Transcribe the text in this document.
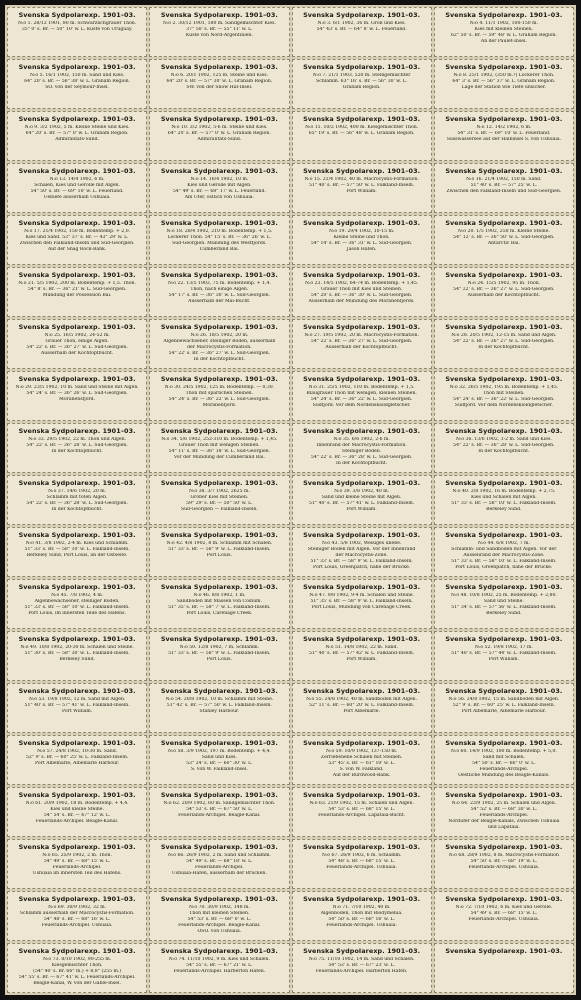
Svenska Sydpolarexp. 1901–03.
N:o 1. 28/12 1901, 80 m. Schwärzlichgrauer Thon.
35° 0' s. Br. — 50° 10' w. L. Küste von Uruguay.
Svenska Sydpolarexp. 1901–03.
N:o 2. 30/12 1901, 180 m. Sandgemischter Kies.
37° 50' s. Br. — 55° 11' w. L.
Küste von Nord-Argentinien.
Svenska Sydpolarexp. 1901–03.
N:o 3. 6/1 1902, 36 m. Gröll und Kies.
54° 43' s. Br. — 64° 8' w. L. Feuerland.
Svenska Sydpolarexp. 1901–03.
N:o 4. 11/1 1902, 100-150 m.
Kies mit kleinen Steinen.
62° 50' s. Br. — 59° 48' w. L. Graham Region.
An der Paulet-Insel.
Svenska Sydpolarexp. 1901–03.
N:o 5. 16/1 1902, 150 m. Sand und Kies.
64° 20' s. Br. — 56° 38' w. L. Graham Region.
SO. von der Seymour-Insel.
Svenska Sydpolarexp. 1901–03.
N:o 6. 20/1 1902, 125 m. Steine und Kies.
64° 20' s. Br. — 57° 30' w. L. Graham Region.
SW. von der Snow Hill-Insel.
Svenska Sydpolarexp. 1901–03.
N:o 7. 21/1 1903, 520 m. Steingemischter
Schlamm. 63° 16' s. Br. — 56° 30' w. L.
Graham Region.
Svenska Sydpolarexp. 1901–03.
N:o 8. 25/1 1902, (350 m.?) Lockerer Thon.
64° 3' s. Br. — 56° 37' w. L. Graham Region.
Lage der Station wie Tiefe unsicher.
Svenska Sydpolarexp. 1901–03.
N:o 9. 3/2 1902, 5 m. Kleine Steine und Kies.
64° 20' s. Br. — 57° 0' w. L. Graham Region.
Admiralitäts-Sund.
Svenska Sydpolarexp. 1901–03.
N:o 10. 3/2 1902, 5-6 m. Steine und Kies.
64° 20' s. Br. — 57° 0' w. L. Graham Region.
Admiralitäts-Sund.
Svenska Sydpolarexp. 1901–03.
N:o 11. 10/2 1902, 400 m. Kiesgemischter Thon.
65° 19' s. Br. — 56° 48' w. L. Graham Region.
Svenska Sydpolarexp. 1901–03.
N:o 12. 14/2 1902, 6 m.
54° 31' s. Br. — 69° 10' w. L. Feuerland.
Susswassersee auf der Halbinsel S. von Ushuaia.
Svenska Sydpolarexp. 1901–03.
N:o 13. 14/4 1902, 6 m.
Schalen, Kies und Gerölle mit Algen.
54° 50' s. Br. — 69° 10' w. L. Feuerland.
Uebiefe ausserhalb Ushuaia.
Svenska Sydpolarexp. 1901–03.
N:o 14. 16/4 1902, 10 m.
Kies und Gerölle mit Algen.
54° 49' s. Br. — 68° 17' w. L. Feuerland.
Am Ufer, östlich von Ushuaia.
Svenska Sydpolarexp. 1901–03.
N:o 15. 21/4 1902, 40 m. Macrocystis-Formation.
51° 40' s. Br. — 57° 50' w. L. Falkland-Inseln.
Port William.
Svenska Sydpolarexp. 1901–03.
N:o 16. 21/4 1902, 150 m. Sand.
51° 40' s. Br. — 57° 25' w. L.
Zwischen den Falkland-Inseln und Süd-Georgien.
Svenska Sydpolarexp. 1901–03.
N:o 17. 21/4 1902, 150 m. Bodentemp. + 2,0.
Kies und Sand. 53° 37' s. Br. — 43° 29' w. L.
Zwischen den Falkland-Inseln und Süd-Georgien.
Auf der Shag Rock-Bank.
Svenska Sydpolarexp. 1901–03.
N:o 18. 28/4 1902, 210 m. Bodentemp. + 1,5.
Lockerer Thon. 54° 15' s. Br. — 36° 26' w. L.
Süd-Georgien. Mündung des Westfjords.
Cumberland Bai.
Svenska Sydpolarexp. 1901–03.
N:o 19. 29/4 1902, 10-15 m.
Kleine Steine und Thon.
54° 14' s. Br. — 36° 31' w. L. Süd-Georgien.
Jason Hafen.
Svenska Sydpolarexp. 1901–03.
N:o 20. 1/5 1902, 250 m. Kleine Steine.
54° 12' s. Br. — 36° 50' w. L. Süd-Georgien.
Antarctic Bai.
Svenska Sydpolarexp. 1901–03.
N:o 21. 5/5 1902, 200 m. Bodentemp. + 1,5. Thon.
54° 8' s. Br. — 36° 21' w. L. Süd-Georgien.
Mündung der Possession Bai.
Svenska Sydpolarexp. 1901–03.
N:o 22. 13/5 1902, 75 m. Bodentemp. + 1,4.
Thon, nach einige Algen.
54° 17' s. Br. — 36° 30' w. L. Süd-Georgien.
Ausserhalb der Mai-Bucht.
Svenska Sydpolarexp. 1901–03.
N:o 23. 14/5 1902, 64-74 m. Bodentemp. + 1,45.
Grauer Thon mit Kies und Steinen.
54° 20' s. Br. — 36° 30' w. L. Süd-Georgien.
Ausserhalb der Mündung des Moränenfjords.
Svenska Sydpolarexp. 1901–03.
N:o 24. 15/5 1902, 95 m. Thon.
54° 22' s. Br. — 36° 27' w. L. Süd-Georgien.
Ausserhalb der Kochtopfbucht.
Svenska Sydpolarexp. 1901–03.
N:o 25. 16/5 1902, 24-52 m.
Grauer Thon, einige Algen.
54° 22' s. Br. — 36° 27' w. L. Süd-Georgien.
Ausserhalb der Kochtopfbucht.
Svenska Sydpolarexp. 1901–03.
N:o 26. 18/5 1902, 20 m.
Algenbewachsener, steiniger Boden, ausserhalb
der Macrocystis-Formation.
54° 22' s. Br. — 36° 27' w. L. Süd-Georgien.
In der Kochtopfbucht.
Svenska Sydpolarexp. 1901–03.
N:o 27. 19/5 1902, 20 m. Macrocystis-Formation.
54° 22' s. Br. — 36° 27' w. L. Süd-Georgien.
Ausserhalb der Kochtopfbucht.
Svenska Sydpolarexp. 1901–03.
N:o 28. 20/5 1902, 12-15 m. Sand und Algen.
54° 22' s. Br. — 36° 27' w. L. Süd-Georgien.
In der Kochtopfbucht.
Svenska Sydpolarexp. 1901–03.
N:o 29. 23/5 1902, 10 m. Sand und Steine mit Algen.
54° 24' s. Br. — 36° 26' w. L. Süd-Georgien.
Moränensfjord.
Svenska Sydpolarexp. 1901–03.
N:o 30. 24/5 1902, 125 m. Bodentemp. — 0,30.
Thon mit spärlichen Steinen.
54° 24' s. Br. — 36° 22' w. L. Süd-Georgien.
Moränenfjord.
Svenska Sydpolarexp. 1901–03.
N:o 31. 25/5 1902, 110 m. Bodentemp. + 1,5.
Blaugrauer Thon mit wenigen, kleinen Steinen.
54° 24' s. Br. — 36° 22' w. L. Süd-Georgien.
Südfjord. Vor dem Nordenskiöldgletscher.
Svenska Sydpolarexp. 1901–03.
N:o 32. 26/5 1902, 195 m. Bodentemp. + 1,45.
Thon mit Steinen.
54° 24' s. Br. — 36° 22' w. L. Süd-Georgien.
Südfjord. Vor dem Nordenskiöldgletscher.
Svenska Sydpolarexp. 1901–03.
N:o 33. 29/5 1902, 22 m. Thon und Algen.
54° 22' s. Br. — 36° 28' w. L. Süd-Georgien.
In der Kochtopfbucht.
Svenska Sydpolarexp. 1901–03.
N:o 34. 5/6 1902, 252-310 m. Bodentemp. + 1,45.
Grauer Thon mit wenigen Steinen.
54° 11' s. Br. — 36° 18' w. L. Süd-Georgien.
Vor der Mündung der Cumberland Bai.
Svenska Sydpolarexp. 1901–03.
N:o 35. 6/6 1902, 2-6 m.
Innenrand der Macrocystis-Formation.
Steiniger Boden.
54° 22' s. Br. — 36° 28' w. L. Süd-Georgien.
In der Kochtopfbucht.
Svenska Sydpolarexp. 1901–03.
N:o 36. 13/6 1902, 1-2 m. Sand und Kies.
54° 22' s. Br. — 36° 28' w. L. Süd-Georgien.
In der Kochtopfbucht.
Svenska Sydpolarexp. 1901–03.
N:o 37. 14/6 1902, 20 m.
Schlamm mit toten Algen.
54° 22' s. Br. — 36° 28' w. L. Süd-Georgien.
In der Kochtopfbucht.
Svenska Sydpolarexp. 1901–03.
N:o 38. 3/7 1902, 2625 m.
Grober Kies mit Steinen.
59° 29' s. Br. — 50° 50' w. L.
Süd-Georgien — Falkland-Inseln.
Svenska Sydpolarexp. 1901–03.
N:o 39. 3/8 1902, 40 m.
Sand und kleine Steine mit Algen.
51° 40' s. Br. — 57° 41' w. L. Falkland-Inseln.
Port William.
Svenska Sydpolarexp. 1901–03.
N:o 40. 2/8 1902, 16 m. Bodentemp. + 2,75.
Kies und Schalen mit Algen.
51° 33' s. Br. — 58° 10' w. L. Falkland-Inseln.
Berkeley Sund.
Svenska Sydpolarexp. 1901–03.
N:o 41. 3/8 1902, 2-4 m. Kies und Schlamm.
51° 33' s. Br. — 58° 10' w. L. Falkland-Inseln.
Berkeley Sund, Port Louis, an der Ostseite.
Svenska Sydpolarexp. 1901–03.
N:o 42. 4/8 1902, 8 m. Schlamm mit Schalen.
51° 33' s. Br. — 58° 9' w. L. Falkland-Inseln.
Port Louis.
Svenska Sydpolarexp. 1901–03.
N:o 43. 5/8 1902, Weisiges unebe.
Steiniger Boden mit Algen. Vor der Innenrand
der Macrocystis-Zone.
51° 33' s. Br. — 58° 9' w. L. Falkland-Inseln.
Port Louis, Greenpatch, nahe der Brücke.
Svenska Sydpolarexp. 1901–03.
N:o 44. 6/8 1902, 7 m.
Schlamm- und Sandboden mit Algen. Vor der
Aussenrand der Macrocystis-Zone.
51° 33' s. Br. — 58° 10' w. L. Falkland-Inseln.
Port Louis, Greenpatch, nahe der Brücke.
Svenska Sydpolarexp. 1901–03.
N:o 45. 7/8 1902, 4 m.
Algenbewachsener, steiniger Boden.
51° 33' s. Br. — 58° 10' w. L. Falkland-Inseln.
Port Louis, im innersten Teile des Hafens.
Svenska Sydpolarexp. 1901–03.
N:o 46. 8/8 1902, 1 m.
Sandboden mit Massen von Codium.
51° 35' s. Br. — 58° 7' w. L. Falkland-Inseln.
Port Louis, Carenage Creek.
Svenska Sydpolarexp. 1901–03.
N:o 47. 9/8 1902, 9-4 m. Schalen und Steine.
51° 35' s. Br. — 58° 9' w. L. Falkland-Inseln.
Port Louis, Mündung von Carenage Creek.
Svenska Sydpolarexp. 1901–03.
N:o 48. 10/8 1902, 25 m. Bodentemp. + 2,80.
Sand und Steine.
51° 34' s. Br. — 57° 56' w. L. Falkland-Inseln.
Berkeley Sund.
Svenska Sydpolarexp. 1901–03.
N:o 49. 10/8 1902, 20-30 m. Schalen und Steine.
51° 30' s. Br. — 58° 30' w. L. Falkland-Inseln.
Berkeley Sund.
Svenska Sydpolarexp. 1901–03.
N:o 50. 12/8 1902, 7 m. Schlamm.
51° 33' s. Br. — 58° 9' w. L. Falkland-Inseln.
Port Louis.
Svenska Sydpolarexp. 1901–03.
N:o 51. 14/8 1902, 22 m. Sand.
51° 40' s. Br. — 57° 42' w. L. Falkland-Inseln.
Port William.
Svenska Sydpolarexp. 1901–03.
N:o 52. 19/8 1902, 17 m.
51° 40' s. Br. — 57° 44' w. L. Falkland-Inseln.
Port William.
Svenska Sydpolarexp. 1901–03.
N:o 53. 19/8 1902, 12 m. Sand mit Algen.
51° 40' s. Br. — 57° 41' w. L. Falkland-Inseln.
Port William.
Svenska Sydpolarexp. 1901–03.
N:o 54. 20/8 1902, 10 m. Schlamm mit Steine.
51° 42' s. Br. — 57° 50' w. L. Falkland-Inseln.
Stanley Harbour.
Svenska Sydpolarexp. 1901–03.
N:o 55. 24/8 1902, 40 m. Sandboden mit Algen.
52° 11' s. Br. — 60° 20' w. L. Falkland-Inseln.
Port Albemarle.
Svenska Sydpolarexp. 1901–03.
N:o 56. 24/8 1902, 15 m. Sandboden mit Algen.
52° 9' s. Br. — 60° 25' w. L. Falkland-Inseln.
Port Albemarle, Albemarle Harbour.
Svenska Sydpolarexp. 1901–03.
N:o 57. 24/8 1902, 10-30 m. Sand.
52° 9' s. Br. — 60° 25' w. L. Falkland-Inseln.
Port Albemarle, Albemarle Harbour.
Svenska Sydpolarexp. 1901–03.
N:o 58. 3/9 1902, 197 m. Bodentemp. + 4,4.
Sand und Kies.
53° 24' s. Br. — 60° 30' w. L.
S. von W. Falkland-Insel.
Svenska Sydpolarexp. 1901–03.
N:o 59. 10/9 1902, 137-150 m.
Zerriebenene Schalen mit Steinen.
53° 45' s. Br. — 61° 10' w. L.
S. von W. Falkland.
Auf der Burdwood-Bank.
Svenska Sydpolarexp. 1901–03.
N:o 60. 14/9 1902, 100 m. Bodentemp. + 5,0.
Sand mit Schalen.
54° 50' s. Br. — 66° 0' w. L.
Feuerlands-Archipel.
Oestliche Mündung des Beagle-Kanals.
Svenska Sydpolarexp. 1901–03.
N:o 61. 20/9 1902, 18 m. Bodentemp. + 4,4.
Kies und kleine Steine.
54° 54' s. Br. — 67° 12' w. L.
Feuerlands-Archipel. Beagle-Kanal.
Svenska Sydpolarexp. 1901–03.
N:o 62. 20/9 1902, 60 m. Sandgemischter Thon.
54° 53' s. Br. — 67° 50' w. L.
Feuerlands-Archipel. Beagle-Kanal.
Svenska Sydpolarexp. 1901–03.
N:o 63. 21/9 1902, 15 m. Schalen und Algen.
54° 53' s. Br. — 68° 15' w. L.
Feuerlands-Archipel. Lapataia-Bucht.
Svenska Sydpolarexp. 1901–03.
N:o 64. 23/9 1902, 25 m. Schalen und Algen.
54° 52' s. Br. — 68° 30' w. L.
Feuerlands-Archipel.
Nordufer der Beagle-Kanals, Zwischen Ushuaia
und Lapataia.
Svenska Sydpolarexp. 1901–03.
N:o 65. 25/9 1902, 2 m. Thon.
54° 49' s. Br. — 68° 15' w. L.
Feuerlands-Archipel.
Ushuaia im innersten Teil des Hafens.
Svenska Sydpolarexp. 1901–03.
N:o 66. 26/9 1902, 2 m. Sand und Schlamm.
54° 49' s. Br. — 68° 18' w. L.
Feuerlands-Archipel.
Ushuaia-Hafen, ausserhalb der Brücken.
Svenska Sydpolarexp. 1901–03.
N:o 67. 26/9 1902, 6 m. Schlamm.
54° 48' s. Br. — 68° 15' w. L.
Feuerlands-Archipel. Ushuaia.
Svenska Sydpolarexp. 1901–03.
N:o 68. 28/9 1902, 8 m. Macrocystis-Formation
54° 50' s. Br. — 68° 19' w. L.
Feuerlands-Archipel. Ushuaia.
Svenska Sydpolarexp. 1901–03.
N:o 69. 30/9 1902, 32 m.
Schlamm ausserhalb der Macrocystis-Formation.
54° 48' s. Br. — 68° 16' w. L.
Feuerlands-Archipel. Ushuaia.
Svenska Sydpolarexp. 1901–03.
N:o 70. 30/9 1902, 148 m.
Thon mit kleinen Steinen.
54° 53' s. Br. — 68° 0' w. L.
Feuerlands-Archipel. Beagle-Kanal.
OSO. von Ushuaia.
Svenska Sydpolarexp. 1901–03.
N:o 71. 7/10 1902, 40 m.
Algenboden, Thon mit Biodymenia.
54° 50' s. Br. — 68° 16' w. L.
Feuerlands-Archipel. Ushuaia.
Svenska Sydpolarexp. 1901–03.
N:o 72. 7/10 1902, 6 m. Kies und Gerölle.
54° 49' s. Br. — 68° 15' w. L.
Feuerlands-Archipel. Ushuaia.
Svenska Sydpolarexp. 1901–03.
N:o 73. 8/10 1902, 90-255 m.
Kiesgemischter Thon.
(54° 40' s. Br. 66° m.) + 8,8° (255 m.)
54° 55' s. Br. — 67° 41' w. L. Feuerlands-Archipel.
Beagle-Kanal, W. von der Gable-Insel.
Svenska Sydpolarexp. 1901–03.
N:o 74. 11/10 1902, 9 m. Kies und Schalen.
54° 55' s. Br. — 67° 21' w. L.
Feuerlands-Archipel. Harberton Hafen.
Svenska Sydpolarexp. 1901–03.
N:o 75. 11/10 1902, 14 m. Sand und Schalen.
54° 53' s. Br. — 67° 23' w. L.
Feuerlands-Archipel. Harberton Hafen.
Svenska Sydpolarexp. 1901–03.
